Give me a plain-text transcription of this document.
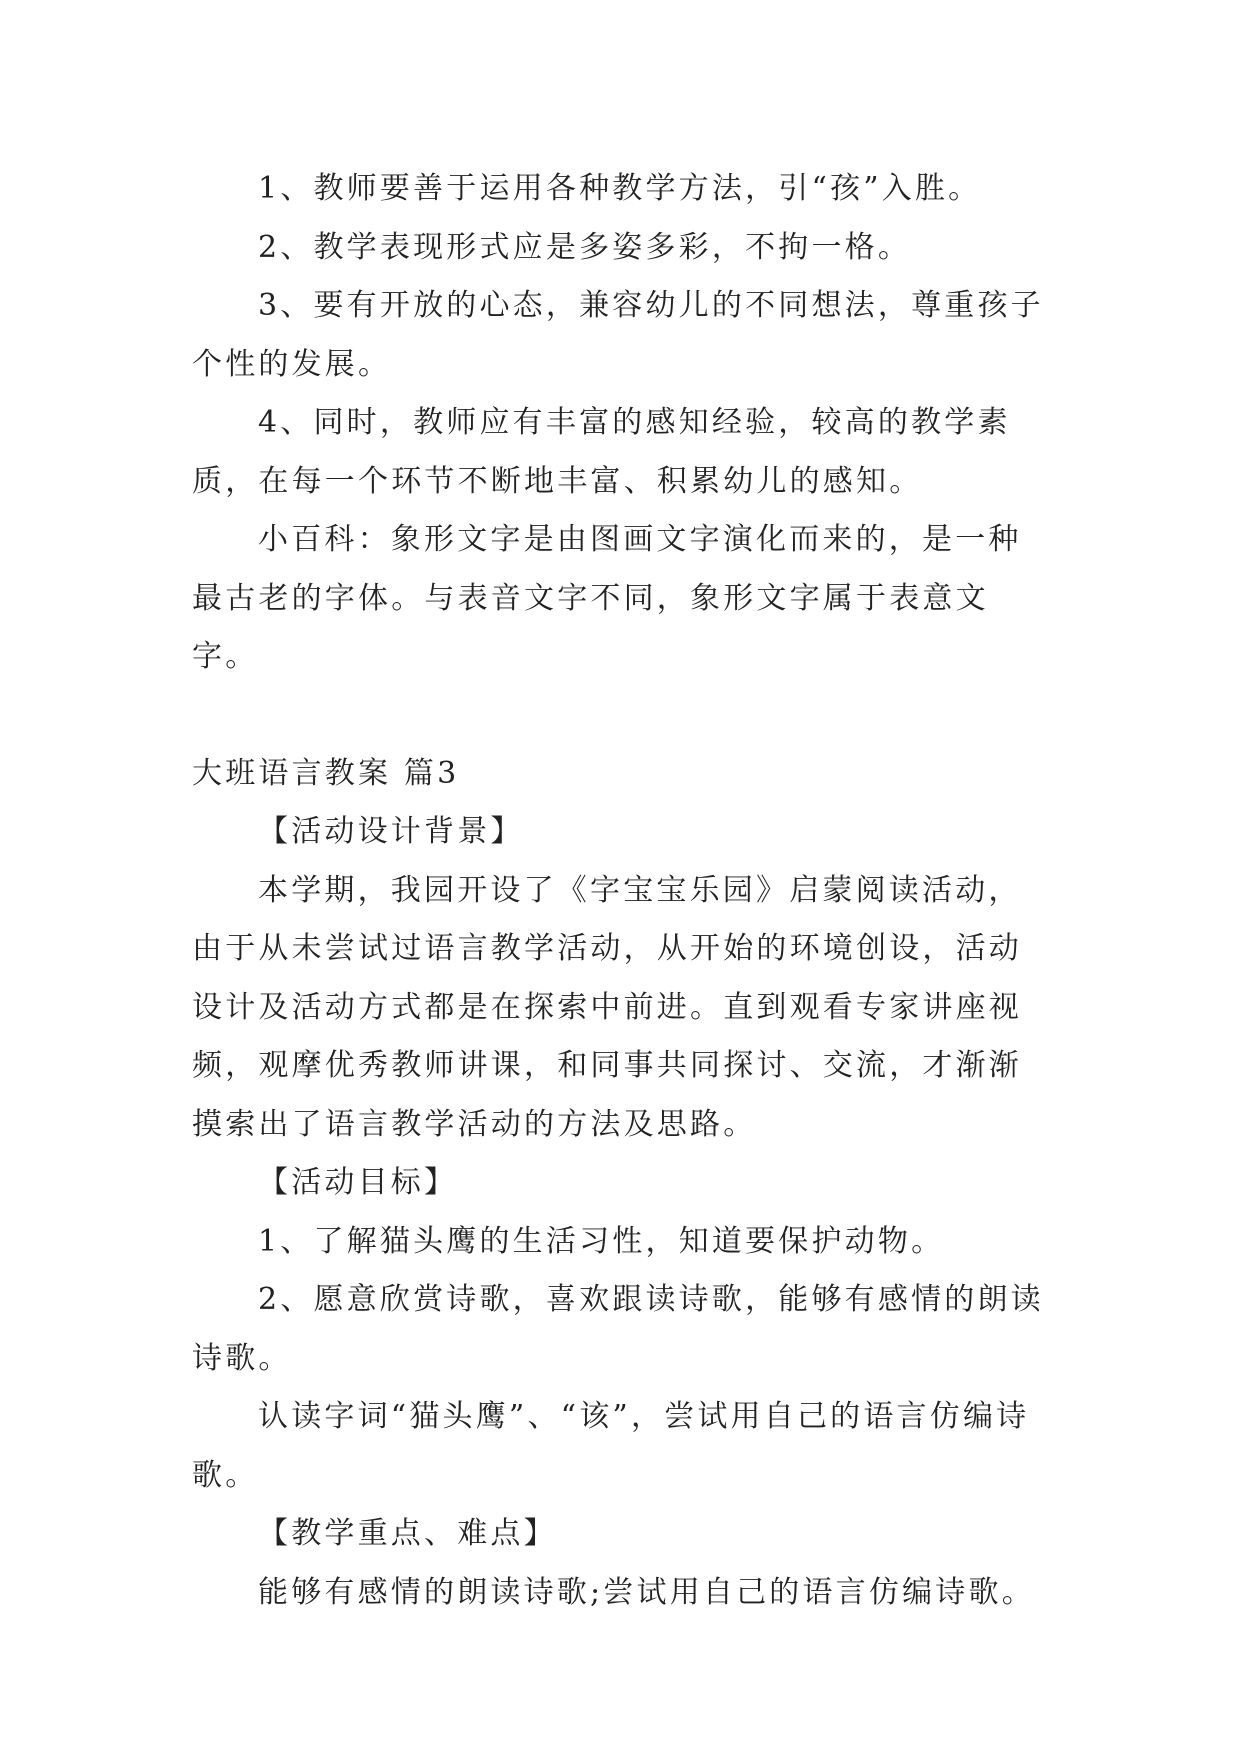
1、教师要善于运用各种教学方法，引“孩”入胜。

2、教学表现形式应是多姿多彩，不拘一格。

3、要有开放的心态，兼容幼儿的不同想法，尊重孩子个性的发展。

4、同时，教师应有丰富的感知经验，较高的教学素质，在每一个环节不断地丰富、积累幼儿的感知。

小百科：象形文字是由图画文字演化而来的，是一种最古老的字体。与表音文字不同，象形文字属于表意文字。

大班语言教案 篇3

【活动设计背景】

本学期，我园开设了《字宝宝乐园》启蒙阅读活动，由于从未尝试过语言教学活动，从开始的环境创设，活动设计及活动方式都是在探索中前进。直到观看专家讲座视频，观摩优秀教师讲课，和同事共同探讨、交流，才渐渐摸索出了语言教学活动的方法及思路。

【活动目标】

1、了解猫头鹰的生活习性，知道要保护动物。

2、愿意欣赏诗歌，喜欢跟读诗歌，能够有感情的朗读诗歌。

认读字词“猫头鹰”、“该”，尝试用自己的语言仿编诗歌。

【教学重点、难点】

能够有感情的朗读诗歌;尝试用自己的语言仿编诗歌。
